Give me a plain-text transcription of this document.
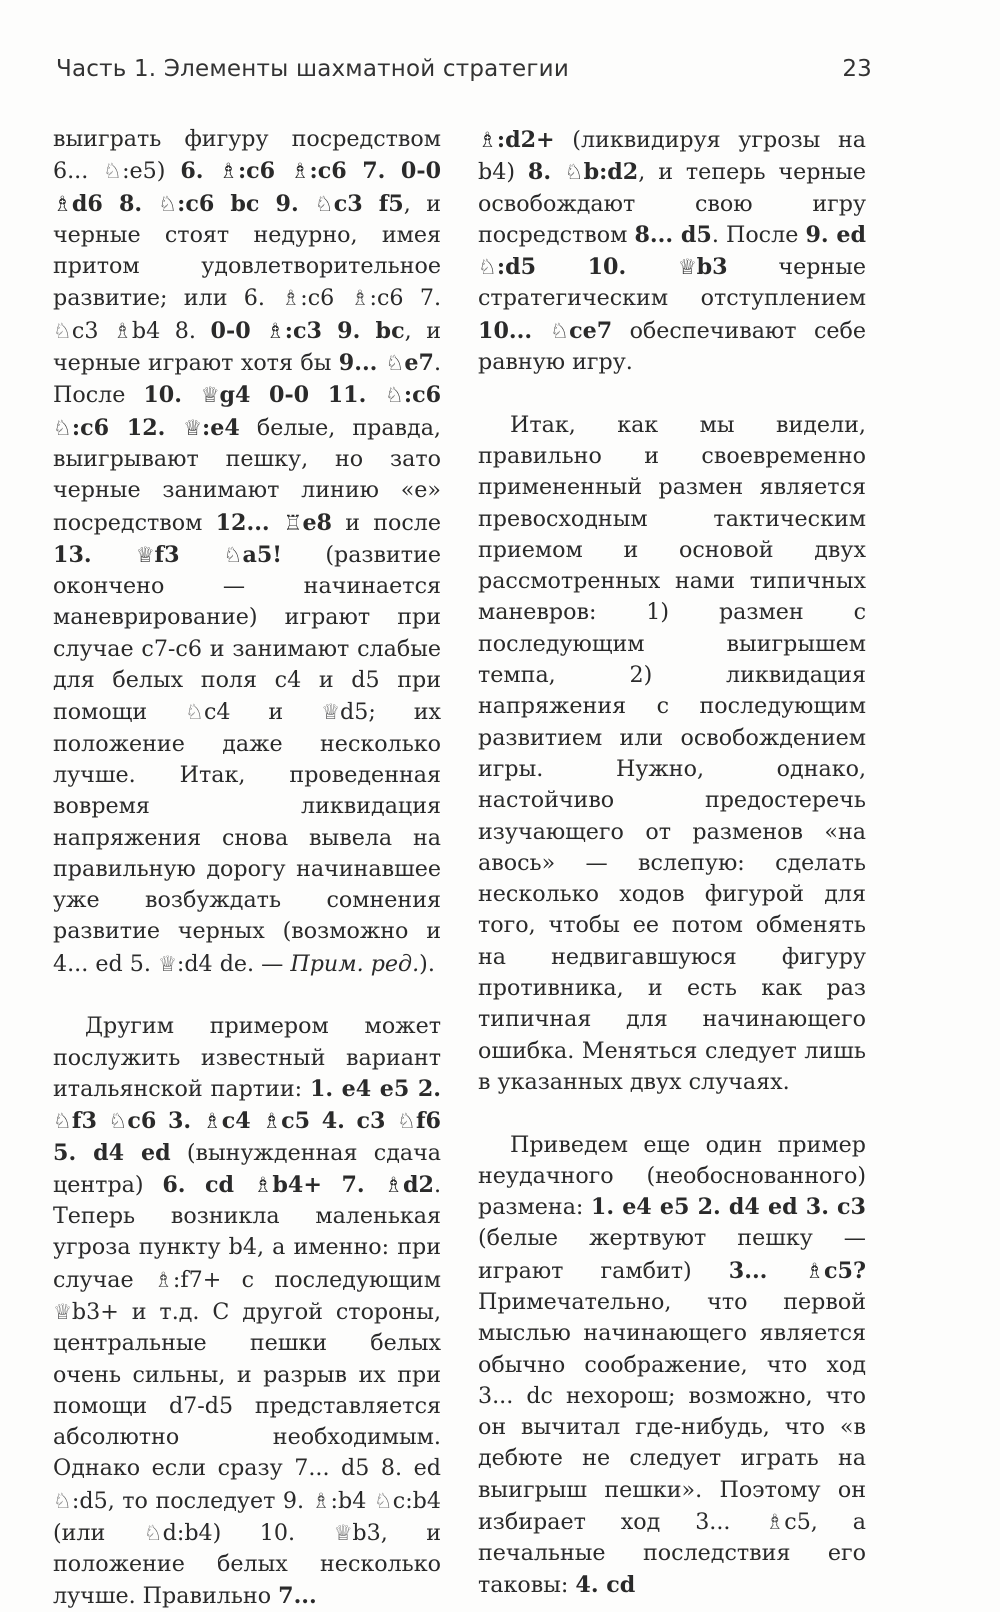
Часть 1. Элементы шахматной стратегии	23

выиграть фигуру посредством 6... ♘:e5) 6. ♗:c6 ♗:c6 7. 0-0 ♗d6 8. ♘:c6 bc 9. ♘c3 f5, и черные стоят недурно, имея притом удовлетворительное развитие; или 6. ♗:c6 ♗:c6 7. ♘c3 ♗b4 8. 0-0 ♗:c3 9. bc, и черные играют хотя бы 9... ♘e7. После 10. ♕g4 0-0 11. ♘:c6 ♘:c6 12. ♕:e4 белые, правда, выигрывают пешку, но зато черные занимают линию «е» посредством 12... ♖e8 и после 13. ♕f3 ♘a5! (развитие окончено — начинается маневрирование) играют при случае c7-c6 и занимают слабые для белых поля c4 и d5 при помощи ♘c4 и ♕d5; их положение даже несколько лучше. Итак, проведенная вовремя ликвидация напряжения снова вывела на правильную дорогу начинавшее уже возбуждать сомнения развитие черных (возможно и 4... ed 5. ♕:d4 de. — Прим. ред.).

Другим примером может послужить известный вариант итальянской партии: 1. e4 e5 2. ♘f3 ♘c6 3. ♗c4 ♗c5 4. c3 ♘f6 5. d4 ed (вынужденная сдача центра) 6. cd ♗b4+ 7. ♗d2. Теперь возникла маленькая угроза пункту b4, а именно: при случае ♗:f7+ с последующим ♕b3+ и т.д. С другой стороны, центральные пешки белых очень сильны, и разрыв их при помощи d7-d5 представляется абсолютно необходимым. Однако если сразу 7... d5 8. ed ♘:d5, то последует 9. ♗:b4 ♘c:b4 (или ♘d:b4) 10. ♕b3, и положение белых несколько лучше. Правильно 7...

♗:d2+ (ликвидируя угрозы на b4) 8. ♘b:d2, и теперь черные освобождают свою игру посредством 8... d5. После 9. ed ♘:d5 10. ♕b3 черные стратегическим отступлением 10... ♘ce7 обеспечивают себе равную игру.

Итак, как мы видели, правильно и своевременно примененный размен является превосходным тактическим приемом и основой двух рассмотренных нами типичных маневров: 1) размен с последующим выигрышем темпа, 2) ликвидация напряжения с последующим развитием или освобождением игры. Нужно, однако, настойчиво предостеречь изучающего от разменов «на авось» — вслепую: сделать несколько ходов фигурой для того, чтобы ее потом обменять на недвигавшуюся фигуру противника, и есть как раз типичная для начинающего ошибка. Меняться следует лишь в указанных двух случаях.

Приведем еще один пример неудачного (необоснованного) размена: 1. e4 e5 2. d4 ed 3. c3 (белые жертвуют пешку — играют гамбит) 3... ♗c5? Примечательно, что первой мыслью начинающего является обычно соображение, что ход 3... dc нехорош; возможно, что он вычитал где-нибудь, что «в дебюте не следует играть на выигрыш пешки». Поэтому он избирает ход 3... ♗c5, а печальные последствия его таковы: 4. cd
